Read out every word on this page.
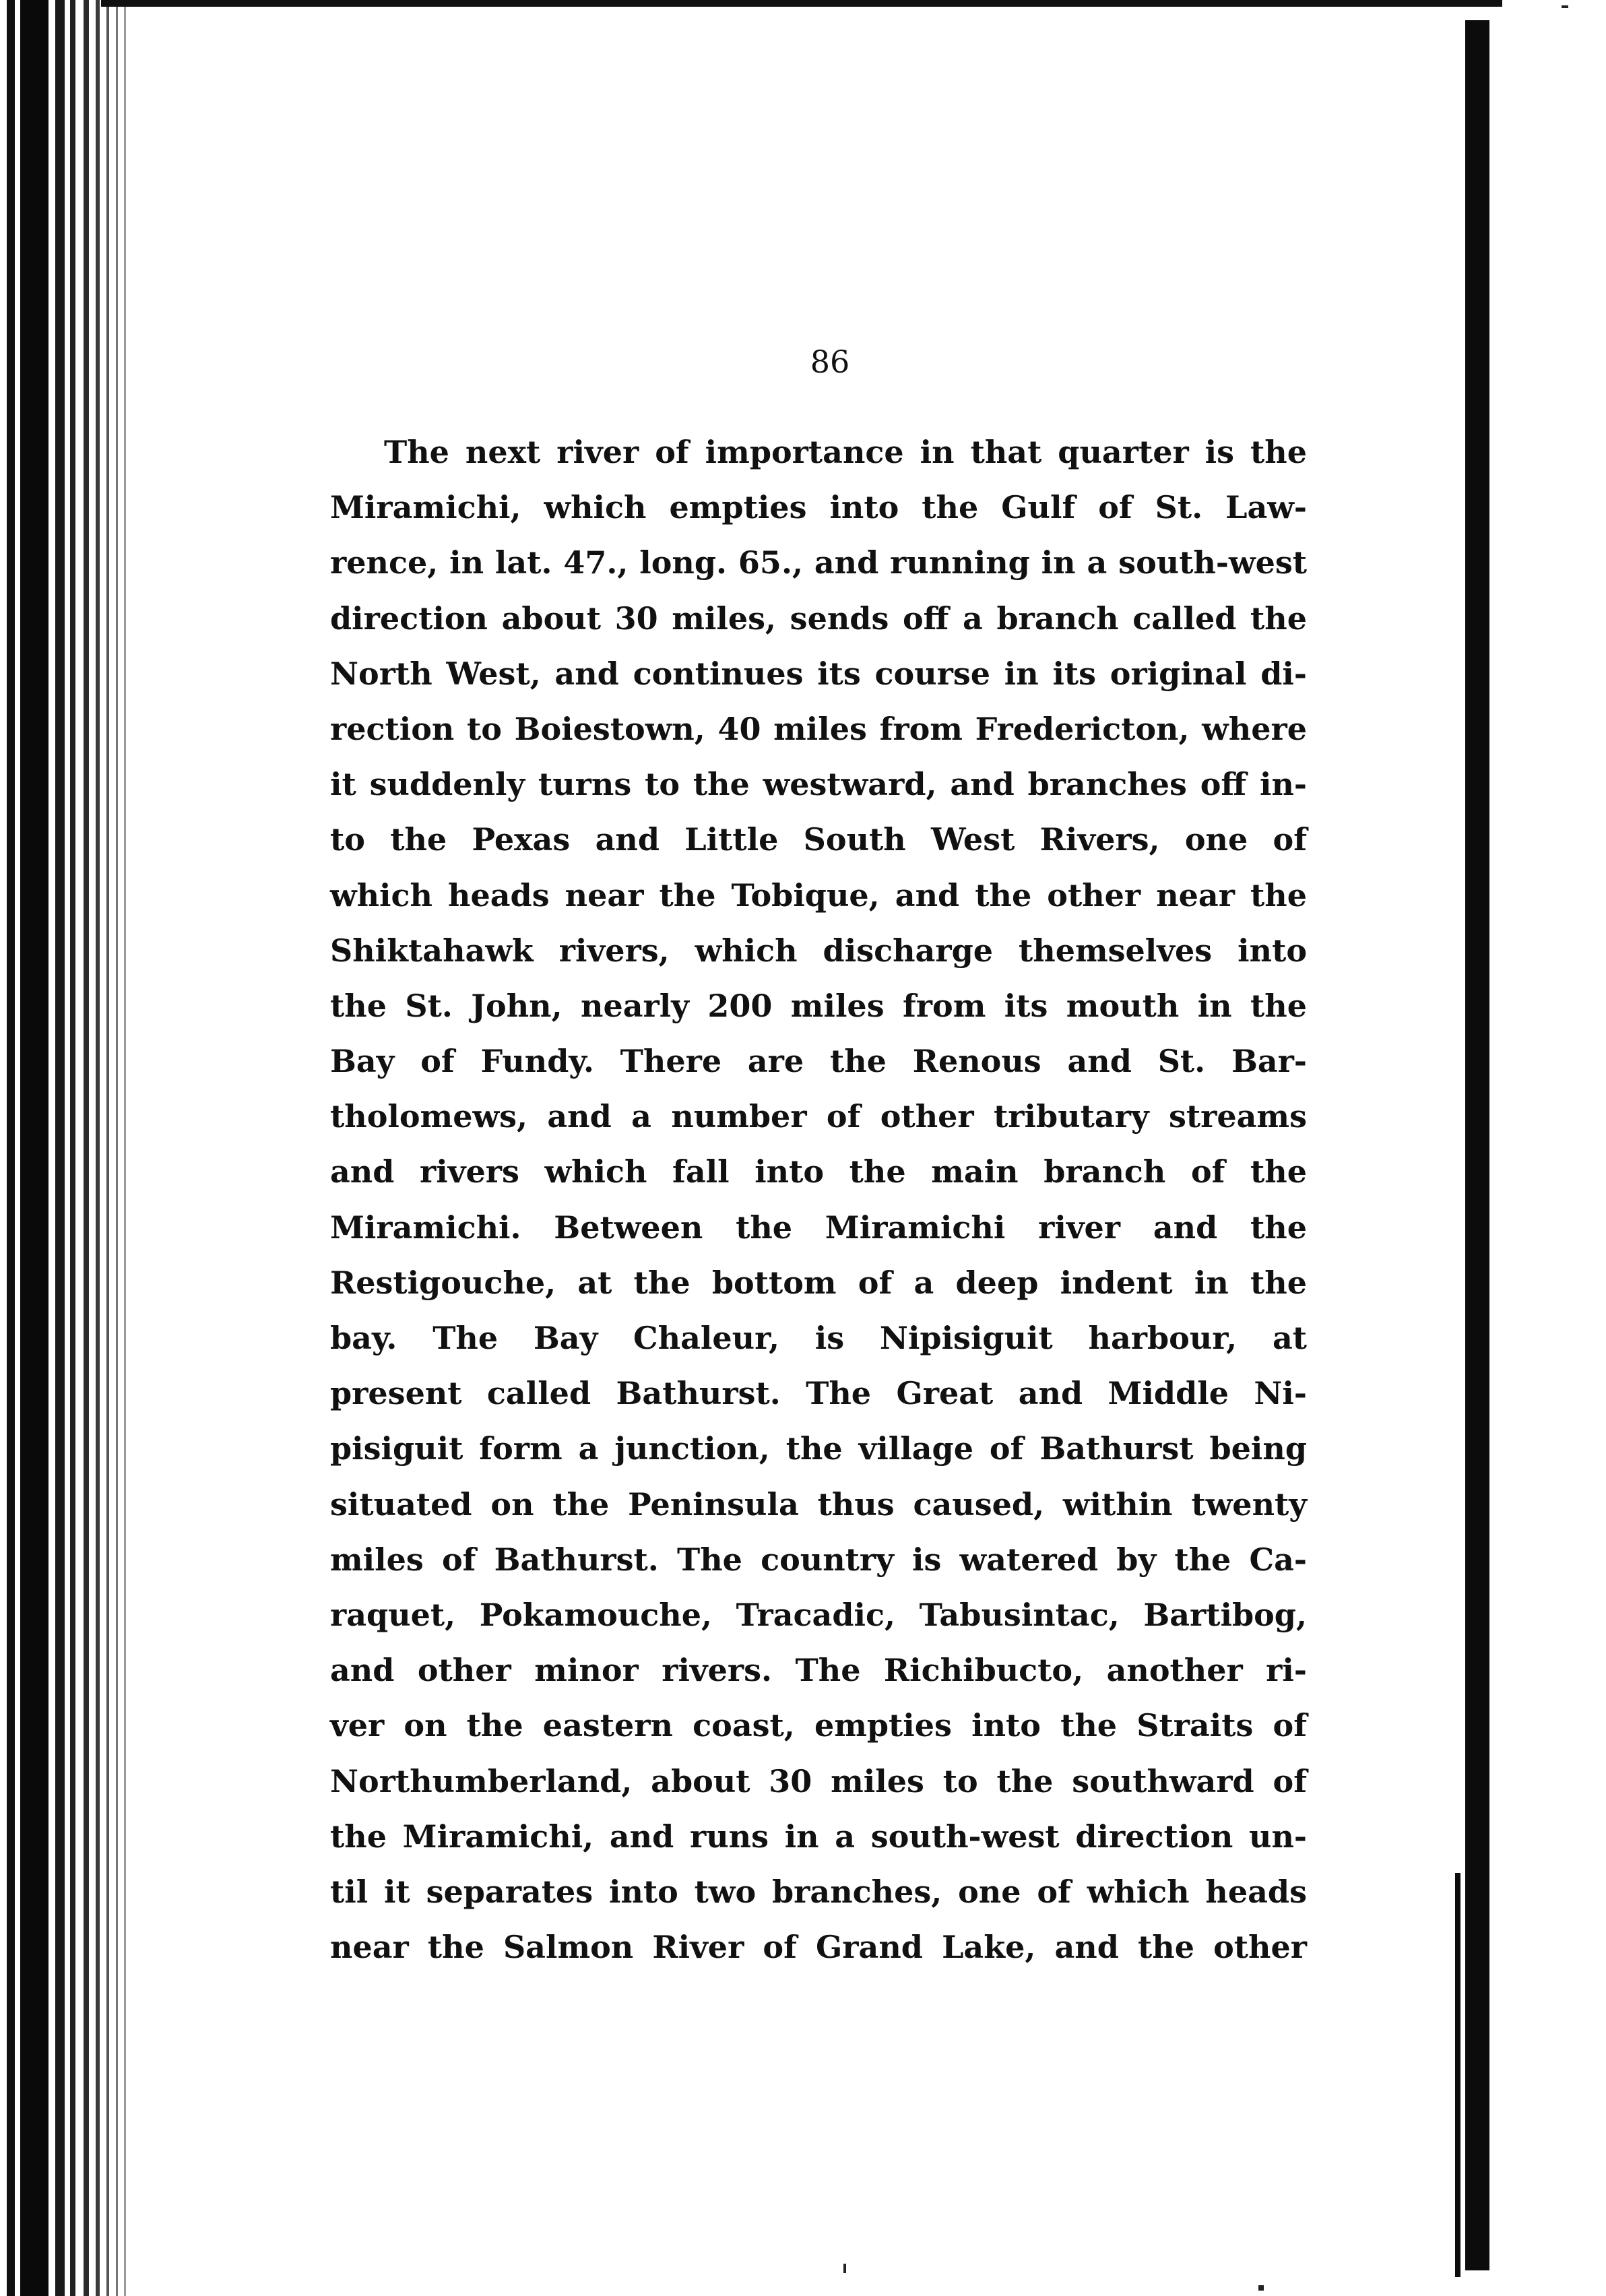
86
The next river of importance in that quarter is the
Miramichi, which empties into the Gulf of St. Law-
rence, in lat. 47., long. 65., and running in a south-west
direction about 30 miles, sends off a branch called the
North West, and continues its course in its original di-
rection to Boiestown, 40 miles from Fredericton, where
it suddenly turns to the westward, and branches off in-
to the Pexas and Little South West Rivers, one of
which heads near the Tobique, and the other near the
Shiktahawk rivers, which discharge themselves into
the St. John, nearly 200 miles from its mouth in the
Bay of Fundy. There are the Renous and St. Bar-
tholomews, and a number of other tributary streams
and rivers which fall into the main branch of the
Miramichi. Between the Miramichi river and the
Restigouche, at the bottom of a deep indent in the
bay. The Bay Chaleur, is Nipisiguit harbour, at
present called Bathurst. The Great and Middle Ni-
pisiguit form a junction, the village of Bathurst being
situated on the Peninsula thus caused, within twenty
miles of Bathurst. The country is watered by the Ca-
raquet, Pokamouche, Tracadic, Tabusintac, Bartibog,
and other minor rivers. The Richibucto, another ri-
ver on the eastern coast, empties into the Straits of
Northumberland, about 30 miles to the southward of
the Miramichi, and runs in a south-west direction un-
til it separates into two branches, one of which heads
near the Salmon River of Grand Lake, and the other
